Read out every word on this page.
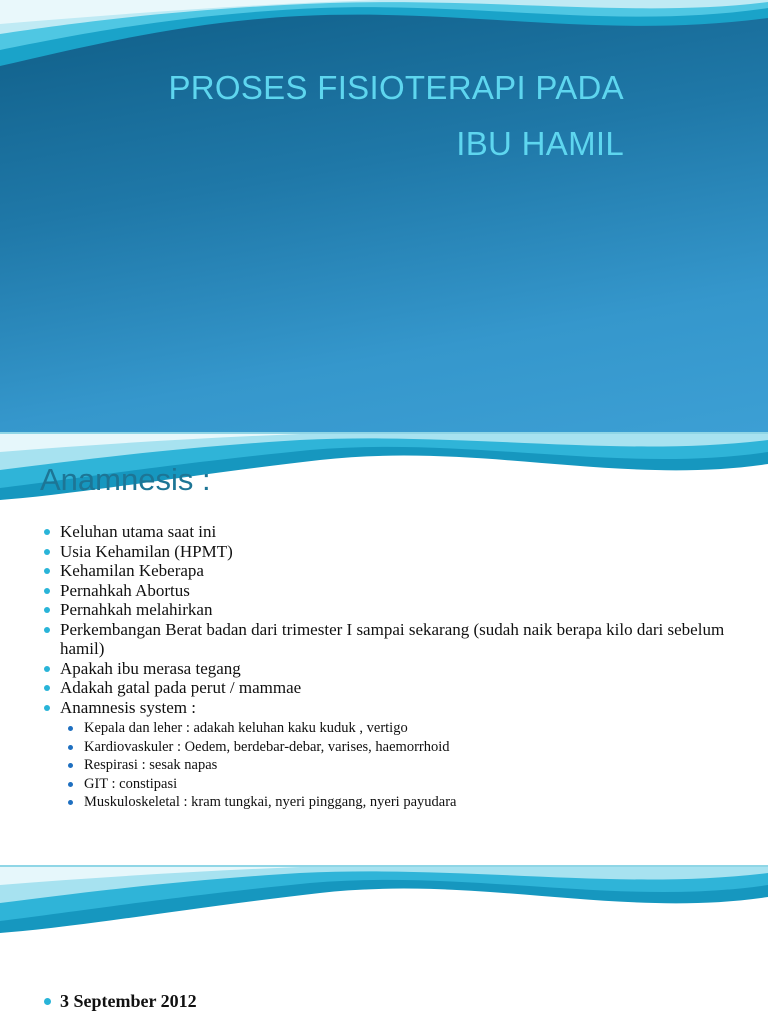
PROSES FISIOTERAPI PADA
IBU HAMIL
Anamnesis :
Keluhan utama saat ini
Usia Kehamilan (HPMT)
Kehamilan Keberapa
Pernahkah Abortus
Pernahkah melahirkan
Perkembangan Berat badan dari trimester I sampai sekarang (sudah naik berapa kilo dari sebelum hamil)
Apakah ibu merasa tegang
Adakah gatal pada perut / mammae
Anamnesis system :
Kepala dan leher : adakah keluhan kaku kuduk , vertigo
Kardiovaskuler : Oedem, berdebar-debar, varises, haemorrhoid
Respirasi : sesak napas
GIT : constipasi
Muskuloskeletal : kram tungkai, nyeri pinggang, nyeri payudara
3 September 2012
